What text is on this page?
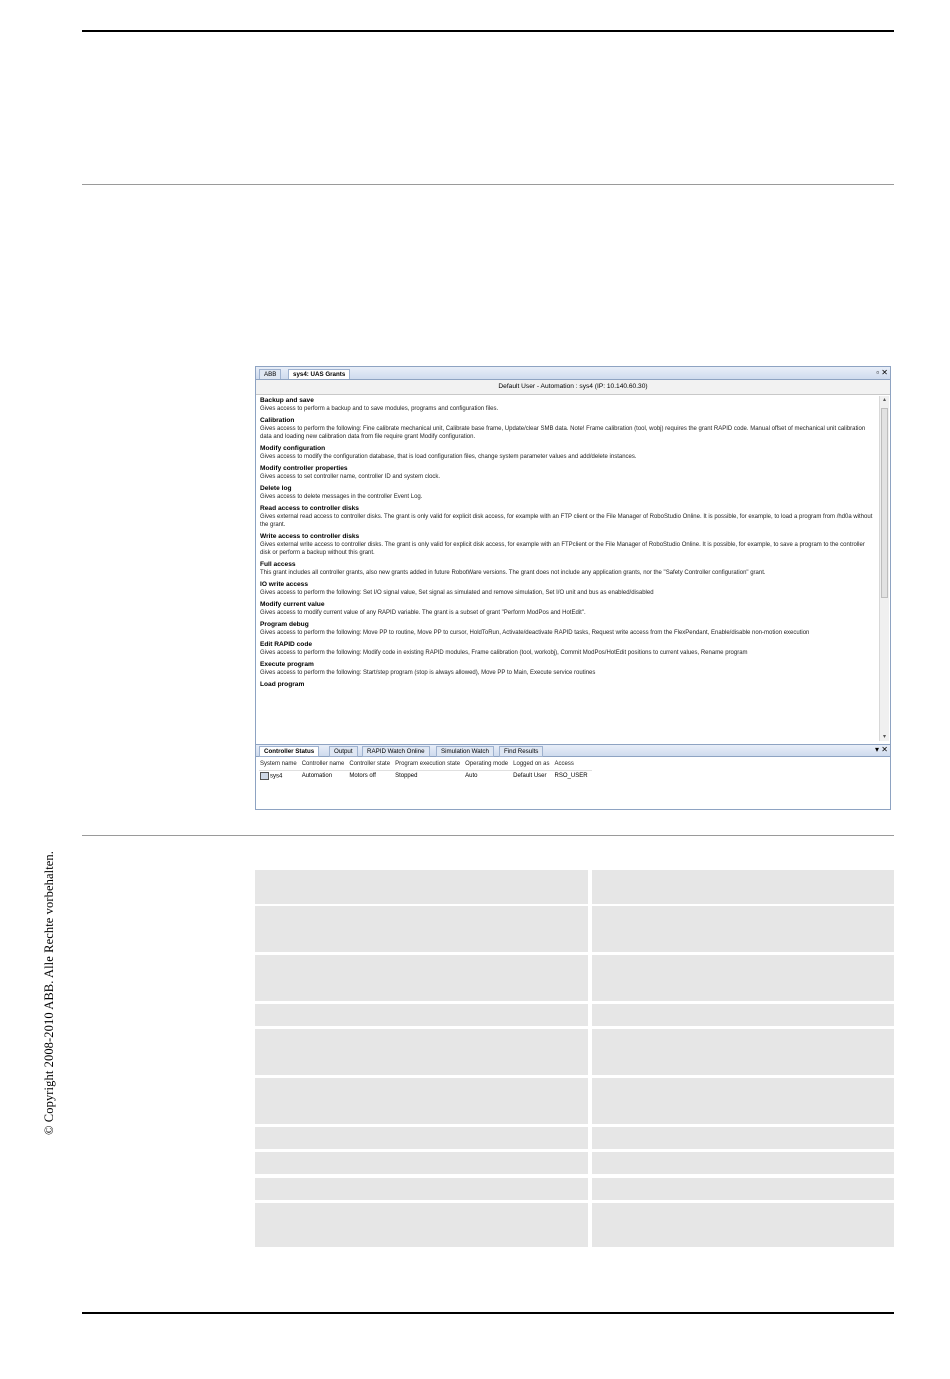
© Copyright 2008-2010 ABB. Alle Rechte vorbehalten.
ABB	sys4: UAS Grants	▫ ✕
Default User - Automation : sys4 (IP: 10.140.60.30)
Backup and save
Gives access to perform a backup and to save modules, programs and configuration files.
Calibration
Gives access to perform the following: Fine calibrate mechanical unit, Calibrate base frame, Update/clear SMB data. Note! Frame calibration (tool, wobj) requires the grant RAPID code. Manual offset of mechanical unit calibration data and loading new calibration data from file require grant Modify configuration.
Modify configuration
Gives access to modify the configuration database, that is load configuration files, change system parameter values and add/delete instances.
Modify controller properties
Gives access to set controller name, controller ID and system clock.
Delete log
Gives access to delete messages in the controller Event Log.
Read access to controller disks
Gives external read access to controller disks. The grant is only valid for explicit disk access, for example with an FTP client or the File Manager of RoboStudio Online. It is possible, for example, to load a program from /hd0a without the grant.
Write access to controller disks
Gives external write access to controller disks. The grant is only valid for explicit disk access, for example with an FTPclient or the File Manager of RoboStudio Online. It is possible, for example, to save a program to the controller disk or perform a backup without this grant.
Full access
This grant includes all controller grants, also new grants added in future RobotWare versions. The grant does not include any application grants, nor the "Safety Controller configuration" grant.
IO write access
Gives access to perform the following: Set I/O signal value, Set signal as simulated and remove simulation, Set I/O unit and bus as enabled/disabled
Modify current value
Gives access to modify current value of any RAPID variable. The grant is a subset of grant "Perform ModPos and HotEdit".
Program debug
Gives access to perform the following: Move PP to routine, Move PP to cursor, HoldToRun, Activate/deactivate RAPID tasks, Request write access from the FlexPendant, Enable/disable non-motion execution
Edit RAPID code
Gives access to perform the following: Modify code in existing RAPID modules, Frame calibration (tool, workobj), Commit ModPos/HotEdit positions to current values, Rename program
Execute program
Gives access to perform the following: Start/step program (stop is always allowed), Move PP to Main, Execute service routines
Load program
▴
▾
Controller Status	Output	RAPID Watch Online	Simulation Watch	Find Results	▾ ✕
System name	Controller name	Controller state	Program execution state	Operating mode	Logged on as	Access
sys4	Automation	Motors off	Stopped	Auto	Default User	RSO_USER
